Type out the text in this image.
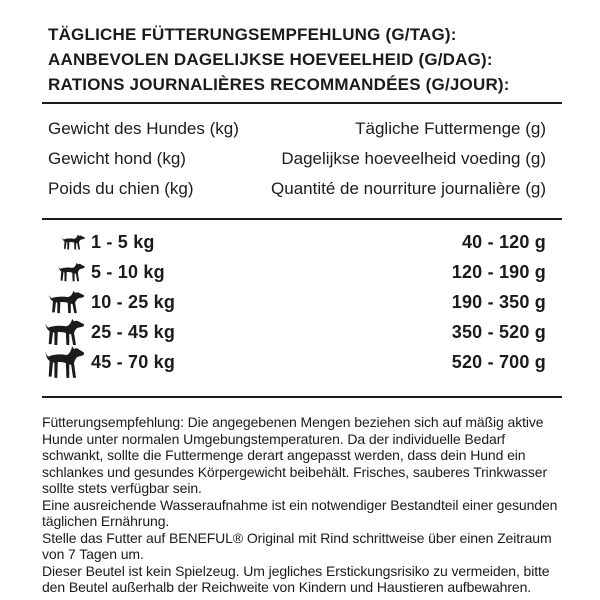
TÄGLICHE FÜTTERUNGSEMPFEHLUNG (G/TAG):
AANBEVOLEN DAGELIJKSE HOEVEELHEID (G/DAG):
RATIONS JOURNALIÈRES RECOMMANDÉES (G/JOUR):
Gewicht des Hundes (kg)	Tägliche Futtermenge (g)
Gewicht hond (kg)	Dagelijkse hoeveelheid voeding (g)
Poids du chien (kg)	Quantité de nourriture journalière (g)
1 - 5 kg	40 - 120 g
5 - 10 kg	120 - 190 g
10 - 25 kg	190 - 350 g
25 - 45 kg	350 - 520 g
45 - 70 kg	520 - 700 g

Fütterungsempfehlung: Die angegebenen Mengen beziehen sich auf mäßig aktive Hunde unter normalen Umgebungstemperaturen. Da der individuelle Bedarf schwankt, sollte die Futtermenge derart angepasst werden, dass dein Hund ein schlankes und gesundes Körpergewicht beibehält. Frisches, sauberes Trinkwasser sollte stets verfügbar sein.

Eine ausreichende Wasseraufnahme ist ein notwendiger Bestandteil einer gesunden täglichen Ernährung.

Stelle das Futter auf BENEFUL® Original mit Rind schrittweise über einen Zeitraum von 7 Tagen um.

Dieser Beutel ist kein Spielzeug. Um jegliches Erstickungsrisiko zu vermeiden, bitte den Beutel außerhalb der Reichweite von Kindern und Haustieren aufbewahren.
